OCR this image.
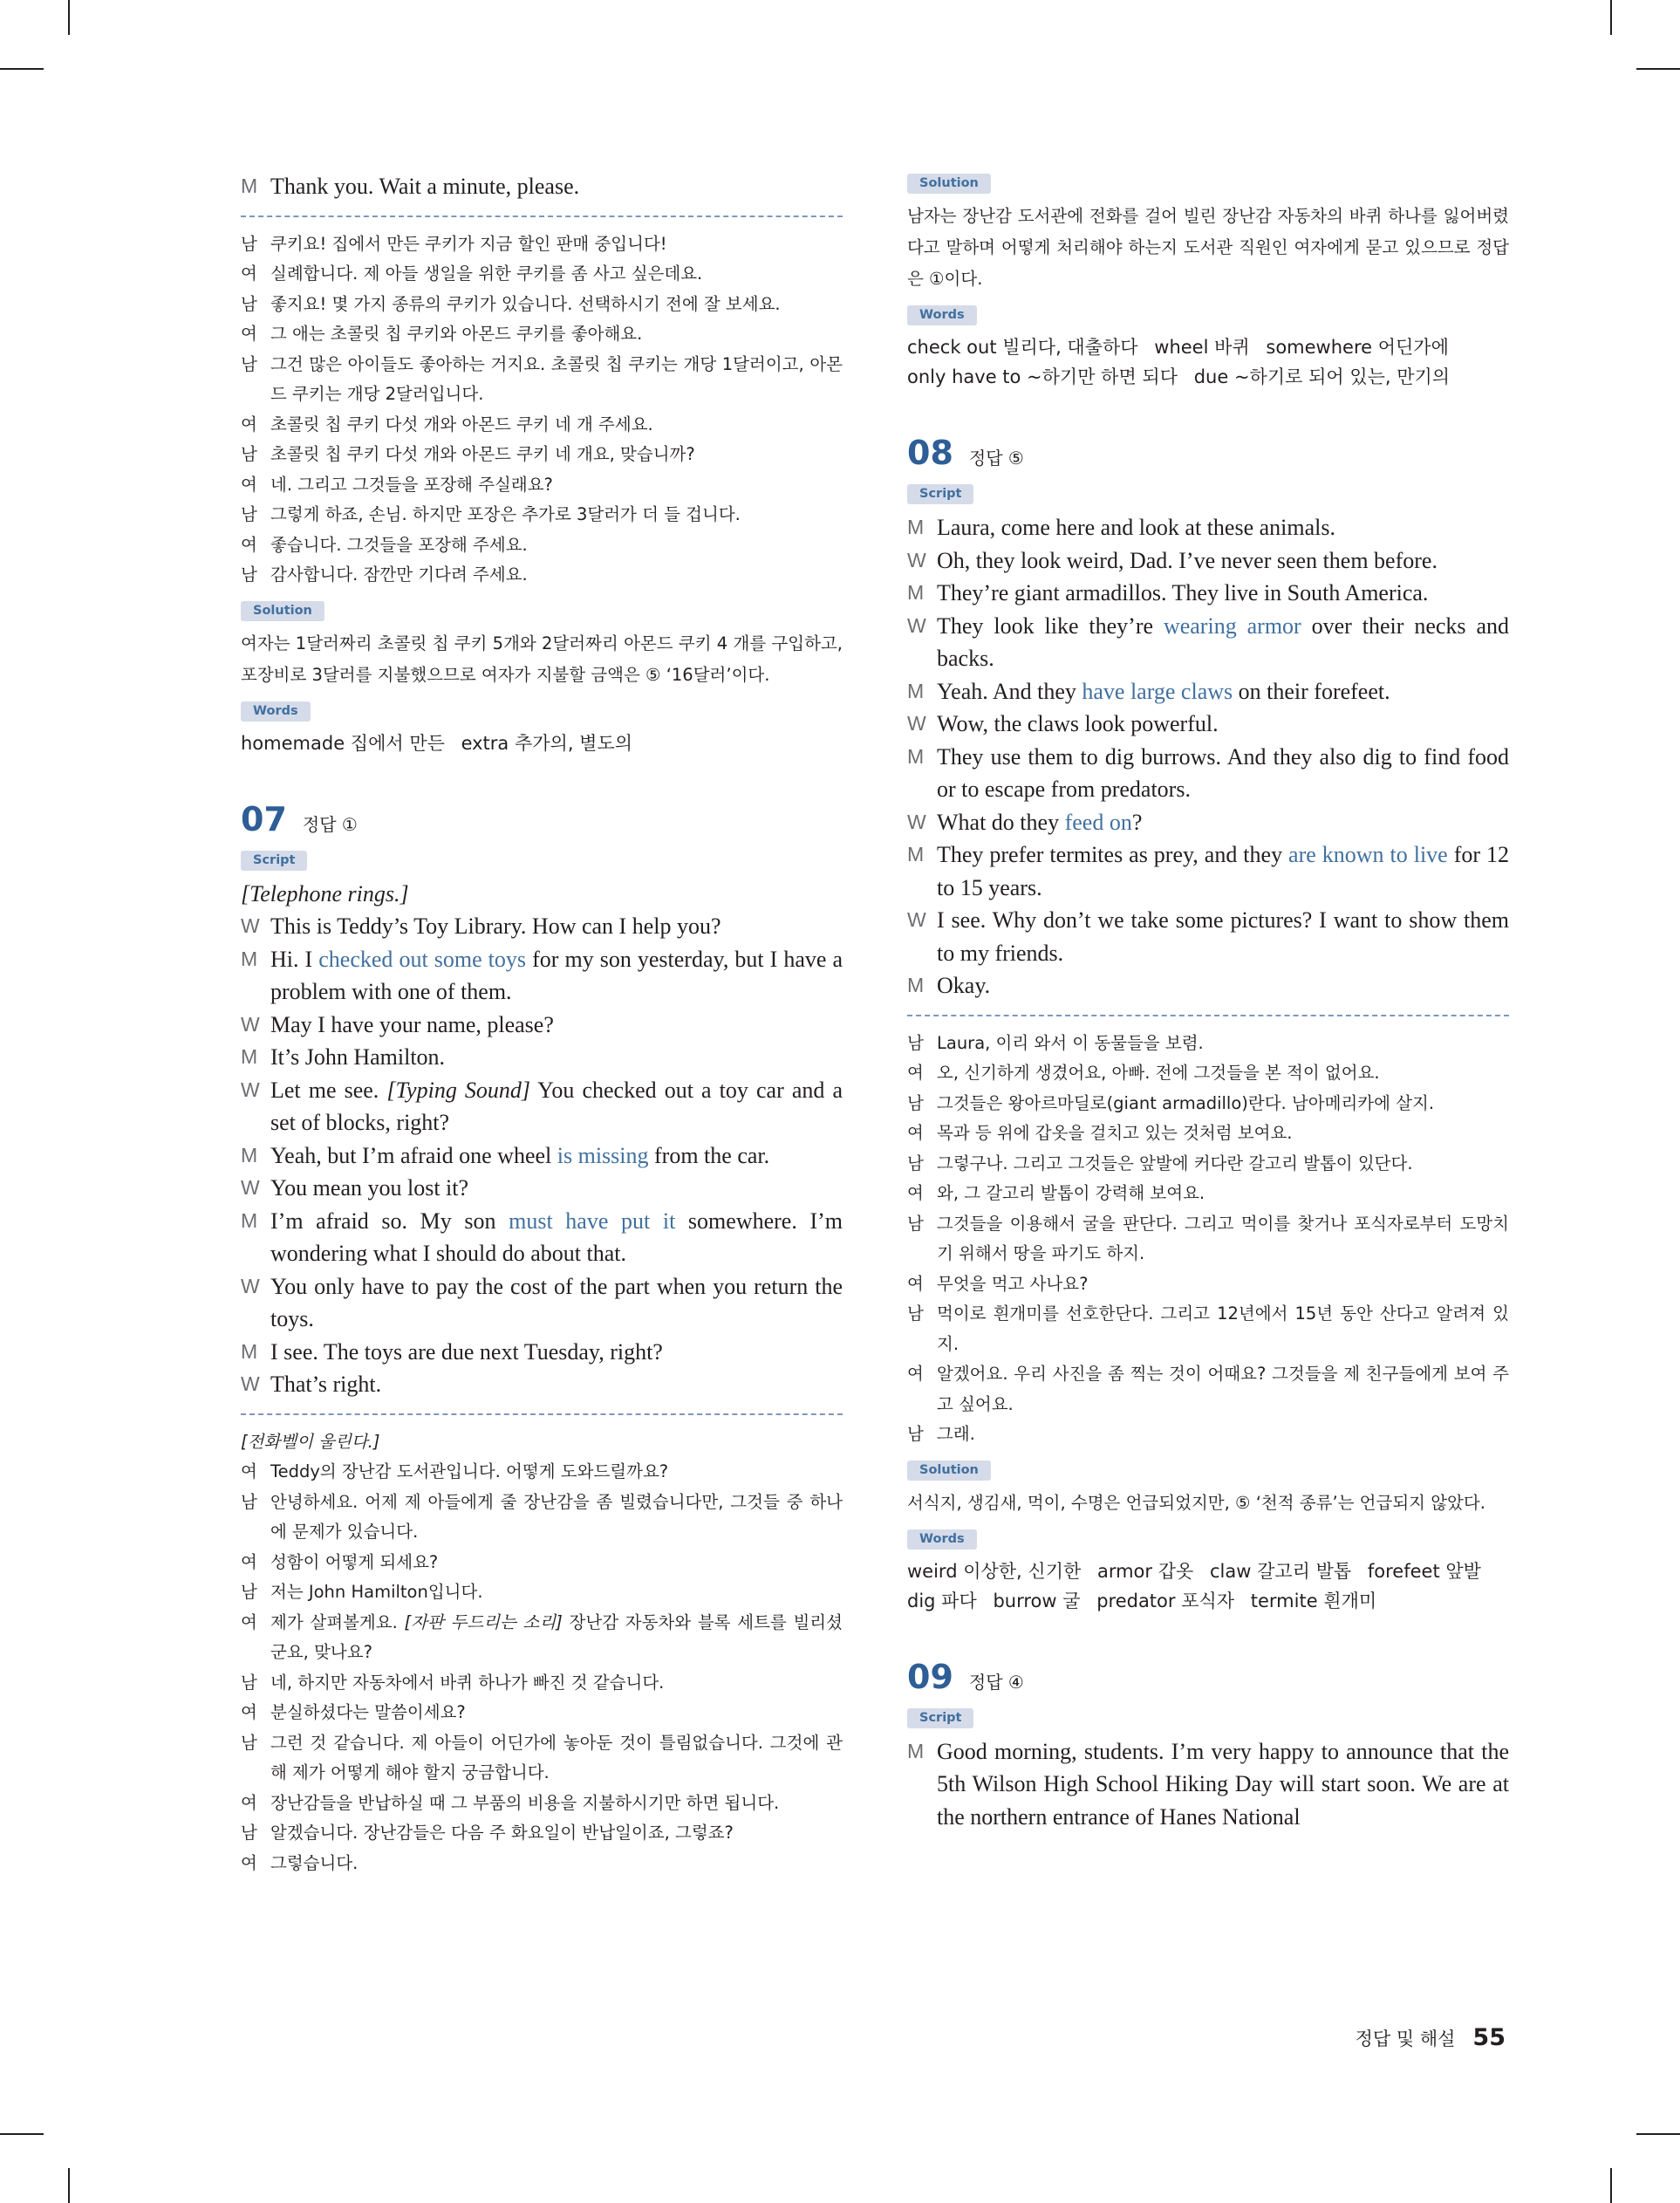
M Thank you. Wait a minute, please.
남 쿠키요! 집에서 만든 쿠키가 지금 할인 판매 중입니다!
여 실례합니다. 제 아들 생일을 위한 쿠키를 좀 사고 싶은데요.
남 좋지요! 몇 가지 종류의 쿠키가 있습니다. 선택하시기 전에 잘 보세요.
여 그 애는 초콜릿 칩 쿠키와 아몬드 쿠키를 좋아해요.
남 그건 많은 아이들도 좋아하는 거지요. 초콜릿 칩 쿠키는 개당 1달러이고, 아몬드 쿠키는 개당 2달러입니다.
여 초콜릿 칩 쿠키 다섯 개와 아몬드 쿠키 네 개 주세요.
남 초콜릿 칩 쿠키 다섯 개와 아몬드 쿠키 네 개요, 맞습니까?
여 네. 그리고 그것들을 포장해 주실래요?
남 그렇게 하죠, 손님. 하지만 포장은 추가로 3달러가 더 들 겁니다.
여 좋습니다. 그것들을 포장해 주세요.
남 감사합니다. 잠깐만 기다려 주세요.
Solution
여자는 1달러짜리 초콜릿 칩 쿠키 5개와 2달러짜리 아몬드 쿠키 4 개를 구입하고, 포장비로 3달러를 지불했으므로 여자가 지불할 금액은 ⑤ ‘16달러’이다.
Words
homemade 집에서 만든 extra 추가의, 별도의
07 정답 ①
Script
[Telephone rings.]
W This is Teddy’s Toy Library. How can I help you?
M Hi. I checked out some toys for my son yesterday, but I have a problem with one of them.
W May I have your name, please?
M It’s John Hamilton.
W Let me see. [Typing Sound] You checked out a toy car and a set of blocks, right?
M Yeah, but I’m afraid one wheel is missing from the car.
W You mean you lost it?
M I’m afraid so. My son must have put it somewhere. I’m wondering what I should do about that.
W You only have to pay the cost of the part when you return the toys.
M I see. The toys are due next Tuesday, right?
W That’s right.
[전화벨이 울린다.]
여 Teddy의 장난감 도서관입니다. 어떻게 도와드릴까요?
남 안녕하세요. 어제 제 아들에게 줄 장난감을 좀 빌렸습니다만, 그것들 중 하나에 문제가 있습니다.
여 성함이 어떻게 되세요?
남 저는 John Hamilton입니다.
여 제가 살펴볼게요. [자판 두드리는 소리] 장난감 자동차와 블록 세트를 빌리셨군요, 맞나요?
남 네, 하지만 자동차에서 바퀴 하나가 빠진 것 같습니다.
여 분실하셨다는 말씀이세요?
남 그런 것 같습니다. 제 아들이 어딘가에 놓아둔 것이 틀림없습니다. 그것에 관해 제가 어떻게 해야 할지 궁금합니다.
여 장난감들을 반납하실 때 그 부품의 비용을 지불하시기만 하면 됩니다.
남 알겠습니다. 장난감들은 다음 주 화요일이 반납일이죠, 그렇죠?
여 그렇습니다.
Solution
남자는 장난감 도서관에 전화를 걸어 빌린 장난감 자동차의 바퀴 하나를 잃어버렸다고 말하며 어떻게 처리해야 하는지 도서관 직원인 여자에게 묻고 있으므로 정답은 ①이다.
Words
check out 빌리다, 대출하다 wheel 바퀴 somewhere 어딘가에
only have to ~하기만 하면 되다 due ~하기로 되어 있는, 만기의
08 정답 ⑤
Script
M Laura, come here and look at these animals.
W Oh, they look weird, Dad. I’ve never seen them before.
M They’re giant armadillos. They live in South America.
W They look like they’re wearing armor over their necks and backs.
M Yeah. And they have large claws on their forefeet.
W Wow, the claws look powerful.
M They use them to dig burrows. And they also dig to find food or to escape from predators.
W What do they feed on?
M They prefer termites as prey, and they are known to live for 12 to 15 years.
W I see. Why don’t we take some pictures? I want to show them to my friends.
M Okay.
남 Laura, 이리 와서 이 동물들을 보렴.
여 오, 신기하게 생겼어요, 아빠. 전에 그것들을 본 적이 없어요.
남 그것들은 왕아르마딜로(giant armadillo)란다. 남아메리카에 살지.
여 목과 등 위에 갑옷을 걸치고 있는 것처럼 보여요.
남 그렇구나. 그리고 그것들은 앞발에 커다란 갈고리 발톱이 있단다.
여 와, 그 갈고리 발톱이 강력해 보여요.
남 그것들을 이용해서 굴을 판단다. 그리고 먹이를 찾거나 포식자로부터 도망치기 위해서 땅을 파기도 하지.
여 무엇을 먹고 사나요?
남 먹이로 흰개미를 선호한단다. 그리고 12년에서 15년 동안 산다고 알려져 있지.
여 알겠어요. 우리 사진을 좀 찍는 것이 어때요? 그것들을 제 친구들에게 보여 주고 싶어요.
남 그래.
Solution
서식지, 생김새, 먹이, 수명은 언급되었지만, ⑤ ‘천적 종류’는 언급되지 않았다.
Words
weird 이상한, 신기한 armor 갑옷 claw 갈고리 발톱 forefeet 앞발
dig 파다 burrow 굴 predator 포식자 termite 흰개미
09 정답 ④
Script
M Good morning, students. I’m very happy to announce that the 5th Wilson High School Hiking Day will start soon. We are at the northern entrance of Hanes National
정답 및 해설 55
